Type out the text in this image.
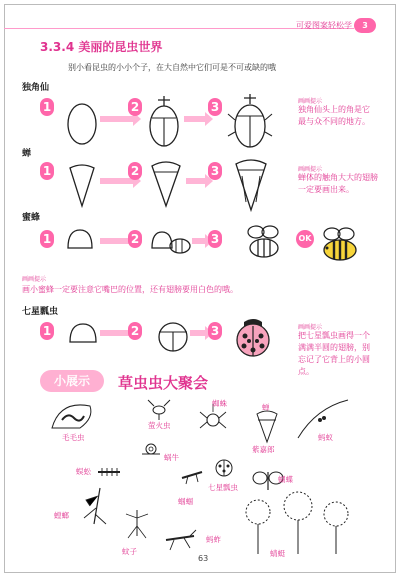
可爱图案轻松学	3
3.3.4 美丽的昆虫世界
别小看昆虫的小小个子，在大自然中它们可是不可或缺的哦
独角仙
1	2	3	画画提示
独角仙头上的角是它最与众不同的地方。
蝉
1	2	3	画画提示
蝉体的触角大大的翅膀一定要画出来。
蜜蜂
1	2	3	OK
画画提示
画小蜜蜂一定要注意它嘴巴的位置，还有翅膀要用白色的哦。
七星瓢虫
1	2	3	画画提示
把七星瓢虫画得一个满满半圆的翅膀，别忘记了它背上的小圆点。
小展示	草虫虫大聚会
毛毛虫
萤火虫
蜘蛛	蝉
紫嘉郎
蚂蚁
蜈蚣
蜗牛
蝈蝈
七星瓢虫
蝴蝶
螳螂
蚊子
蚂蚱
蜻蜓
63
